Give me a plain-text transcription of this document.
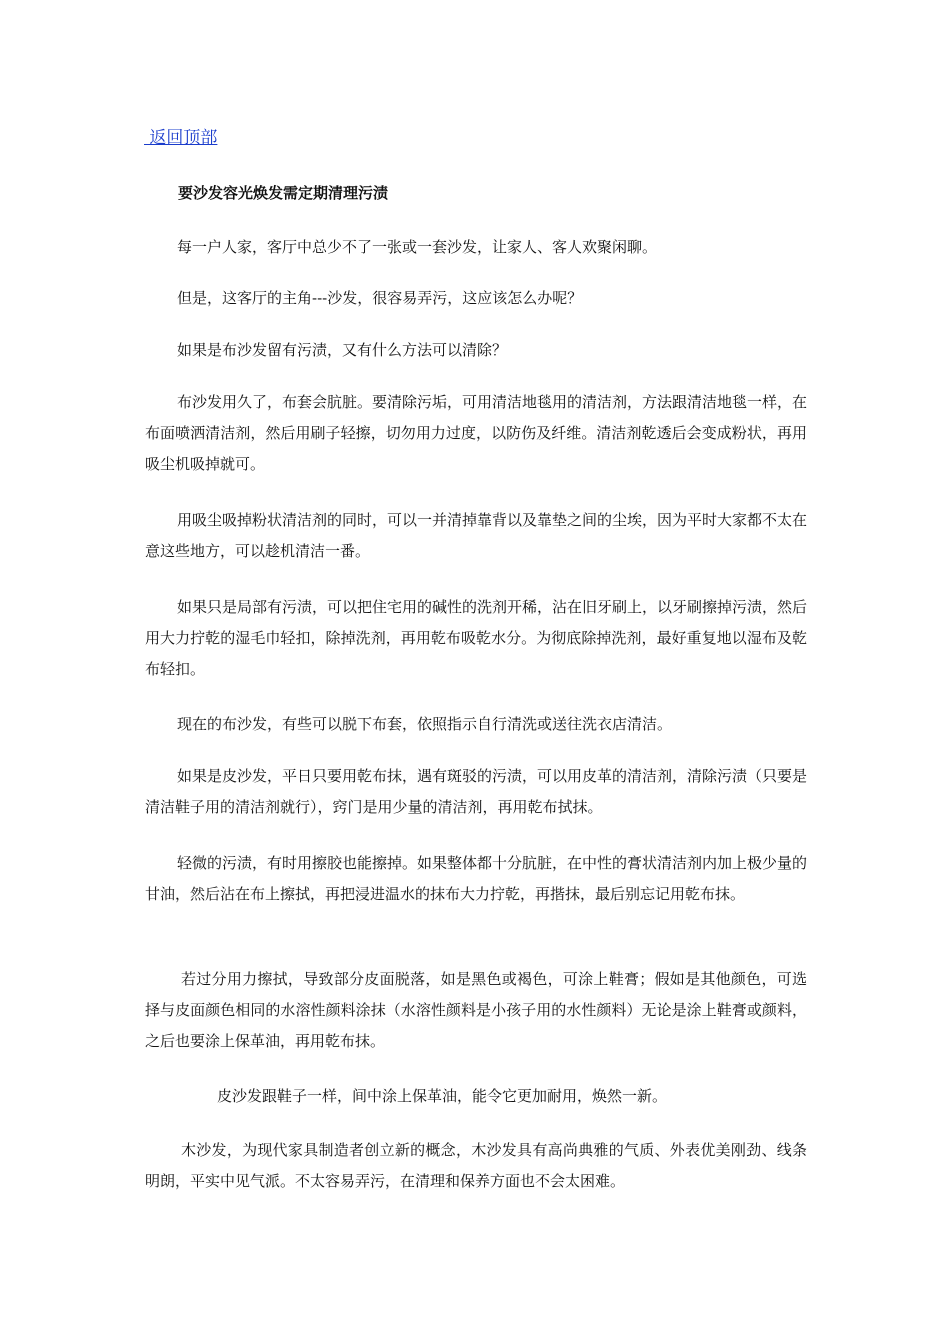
返回顶部
要沙发容光焕发需定期清理污渍

每一户人家，客厅中总少不了一张或一套沙发，让家人、客人欢聚闲聊。

但是，这客厅的主角---沙发，很容易弄污，这应该怎么办呢？

如果是布沙发留有污渍，又有什么方法可以清除？

布沙发用久了，布套会肮脏。要清除污垢，可用清洁地毯用的清洁剂，方法跟清洁地毯一样，在布面喷洒清洁剂，然后用刷子轻擦，切勿用力过度，以防伤及纤维。清洁剂乾透后会变成粉状，再用吸尘机吸掉就可。

用吸尘吸掉粉状清洁剂的同时，可以一并清掉靠背以及靠垫之间的尘埃，因为平时大家都不太在意这些地方，可以趁机清洁一番。

如果只是局部有污渍，可以把住宅用的碱性的洗剂开稀，沾在旧牙刷上，以牙刷擦掉污渍，然后用大力拧乾的湿毛巾轻扣，除掉洗剂，再用乾布吸乾水分。为彻底除掉洗剂，最好重复地以湿布及乾布轻扣。

现在的布沙发，有些可以脱下布套，依照指示自行清洗或送往洗衣店清洁。

如果是皮沙发，平日只要用乾布抹，遇有斑驳的污渍，可以用皮革的清洁剂，清除污渍（只要是清洁鞋子用的清洁剂就行），窍门是用少量的清洁剂，再用乾布拭抹。

轻微的污渍，有时用擦胶也能擦掉。如果整体都十分肮脏，在中性的膏状清洁剂内加上极少量的甘油，然后沾在布上擦拭，再把浸进温水的抹布大力拧乾，再揩抹，最后别忘记用乾布抹。

若过分用力擦拭，导致部分皮面脱落，如是黑色或褐色，可涂上鞋膏；假如是其他颜色，可选择与皮面颜色相同的水溶性颜料涂抹（水溶性颜料是小孩子用的水性颜料）无论是涂上鞋膏或颜料，之后也要涂上保革油，再用乾布抹。

皮沙发跟鞋子一样，间中涂上保革油，能令它更加耐用，焕然一新。

木沙发，为现代家具制造者创立新的概念，木沙发具有高尚典雅的气质、外表优美刚劲、线条明朗，平实中见气派。不太容易弄污，在清理和保养方面也不会太困难。
